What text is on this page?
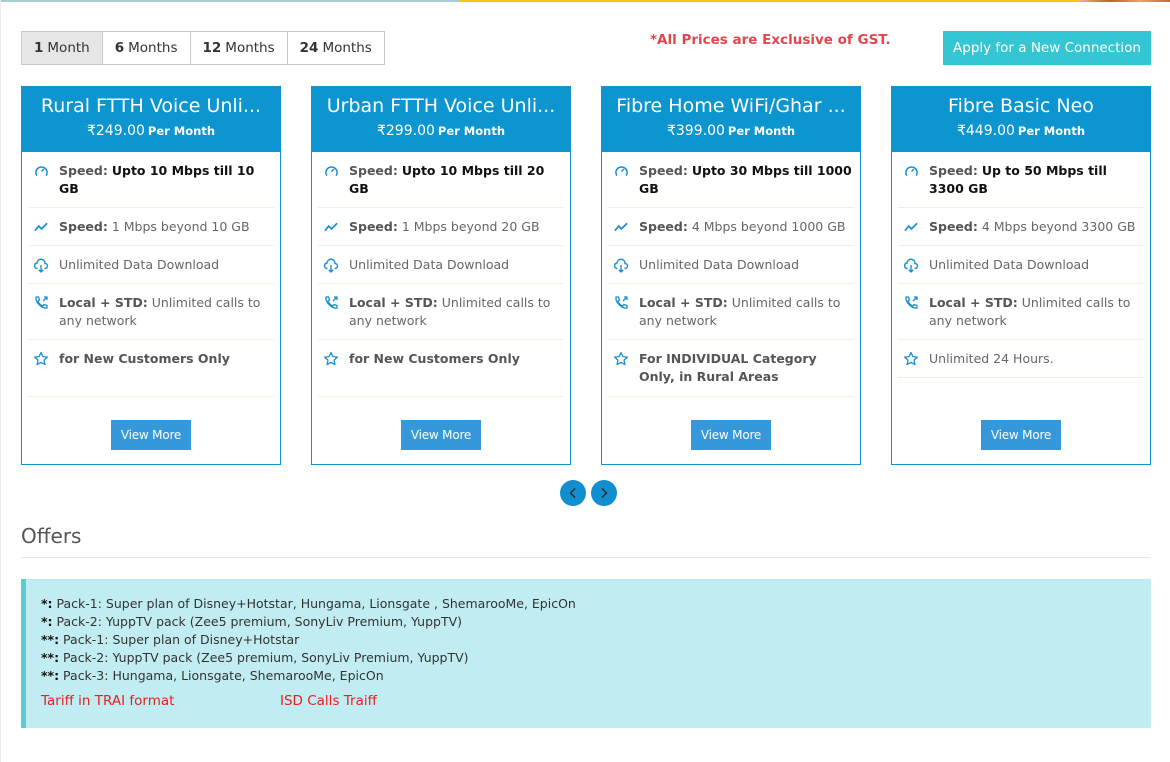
1 Month 6 Months 12 Months 24 Months	*All Prices are Exclusive of GST.	Apply for a New Connection
Rural FTTH Voice Unli...
₹249.00 Per Month
Speed: Upto 10 Mbps till 10 GB
Speed: 1 Mbps beyond 10 GB
Unlimited Data Download
Local + STD: Unlimited calls to any network
for New Customers Only
View More
Urban FTTH Voice Unli...
₹299.00 Per Month
Speed: Upto 10 Mbps till 20 GB
Speed: 1 Mbps beyond 20 GB
Unlimited Data Download
Local + STD: Unlimited calls to any network
for New Customers Only
View More
Fibre Home WiFi/Ghar ...
₹399.00 Per Month
Speed: Upto 30 Mbps till 1000 GB
Speed: 4 Mbps beyond 1000 GB
Unlimited Data Download
Local + STD: Unlimited calls to any network
For INDIVIDUAL Category Only, in Rural Areas
View More
Fibre Basic Neo
₹449.00 Per Month
Speed: Up to 50 Mbps till 3300 GB
Speed: 4 Mbps beyond 3300 GB
Unlimited Data Download
Local + STD: Unlimited calls to any network
Unlimited 24 Hours.
View More
Offers
*: Pack-1: Super plan of Disney+Hotstar, Hungama, Lionsgate , ShemarooMe, EpicOn
*: Pack-2: YuppTV pack (Zee5 premium, SonyLiv Premium, YuppTV)
**: Pack-1: Super plan of Disney+Hotstar
**: Pack-2: YuppTV pack (Zee5 premium, SonyLiv Premium, YuppTV)
**: Pack-3: Hungama, Lionsgate, ShemarooMe, EpicOn
Tariff in TRAI format	ISD Calls Traiff
